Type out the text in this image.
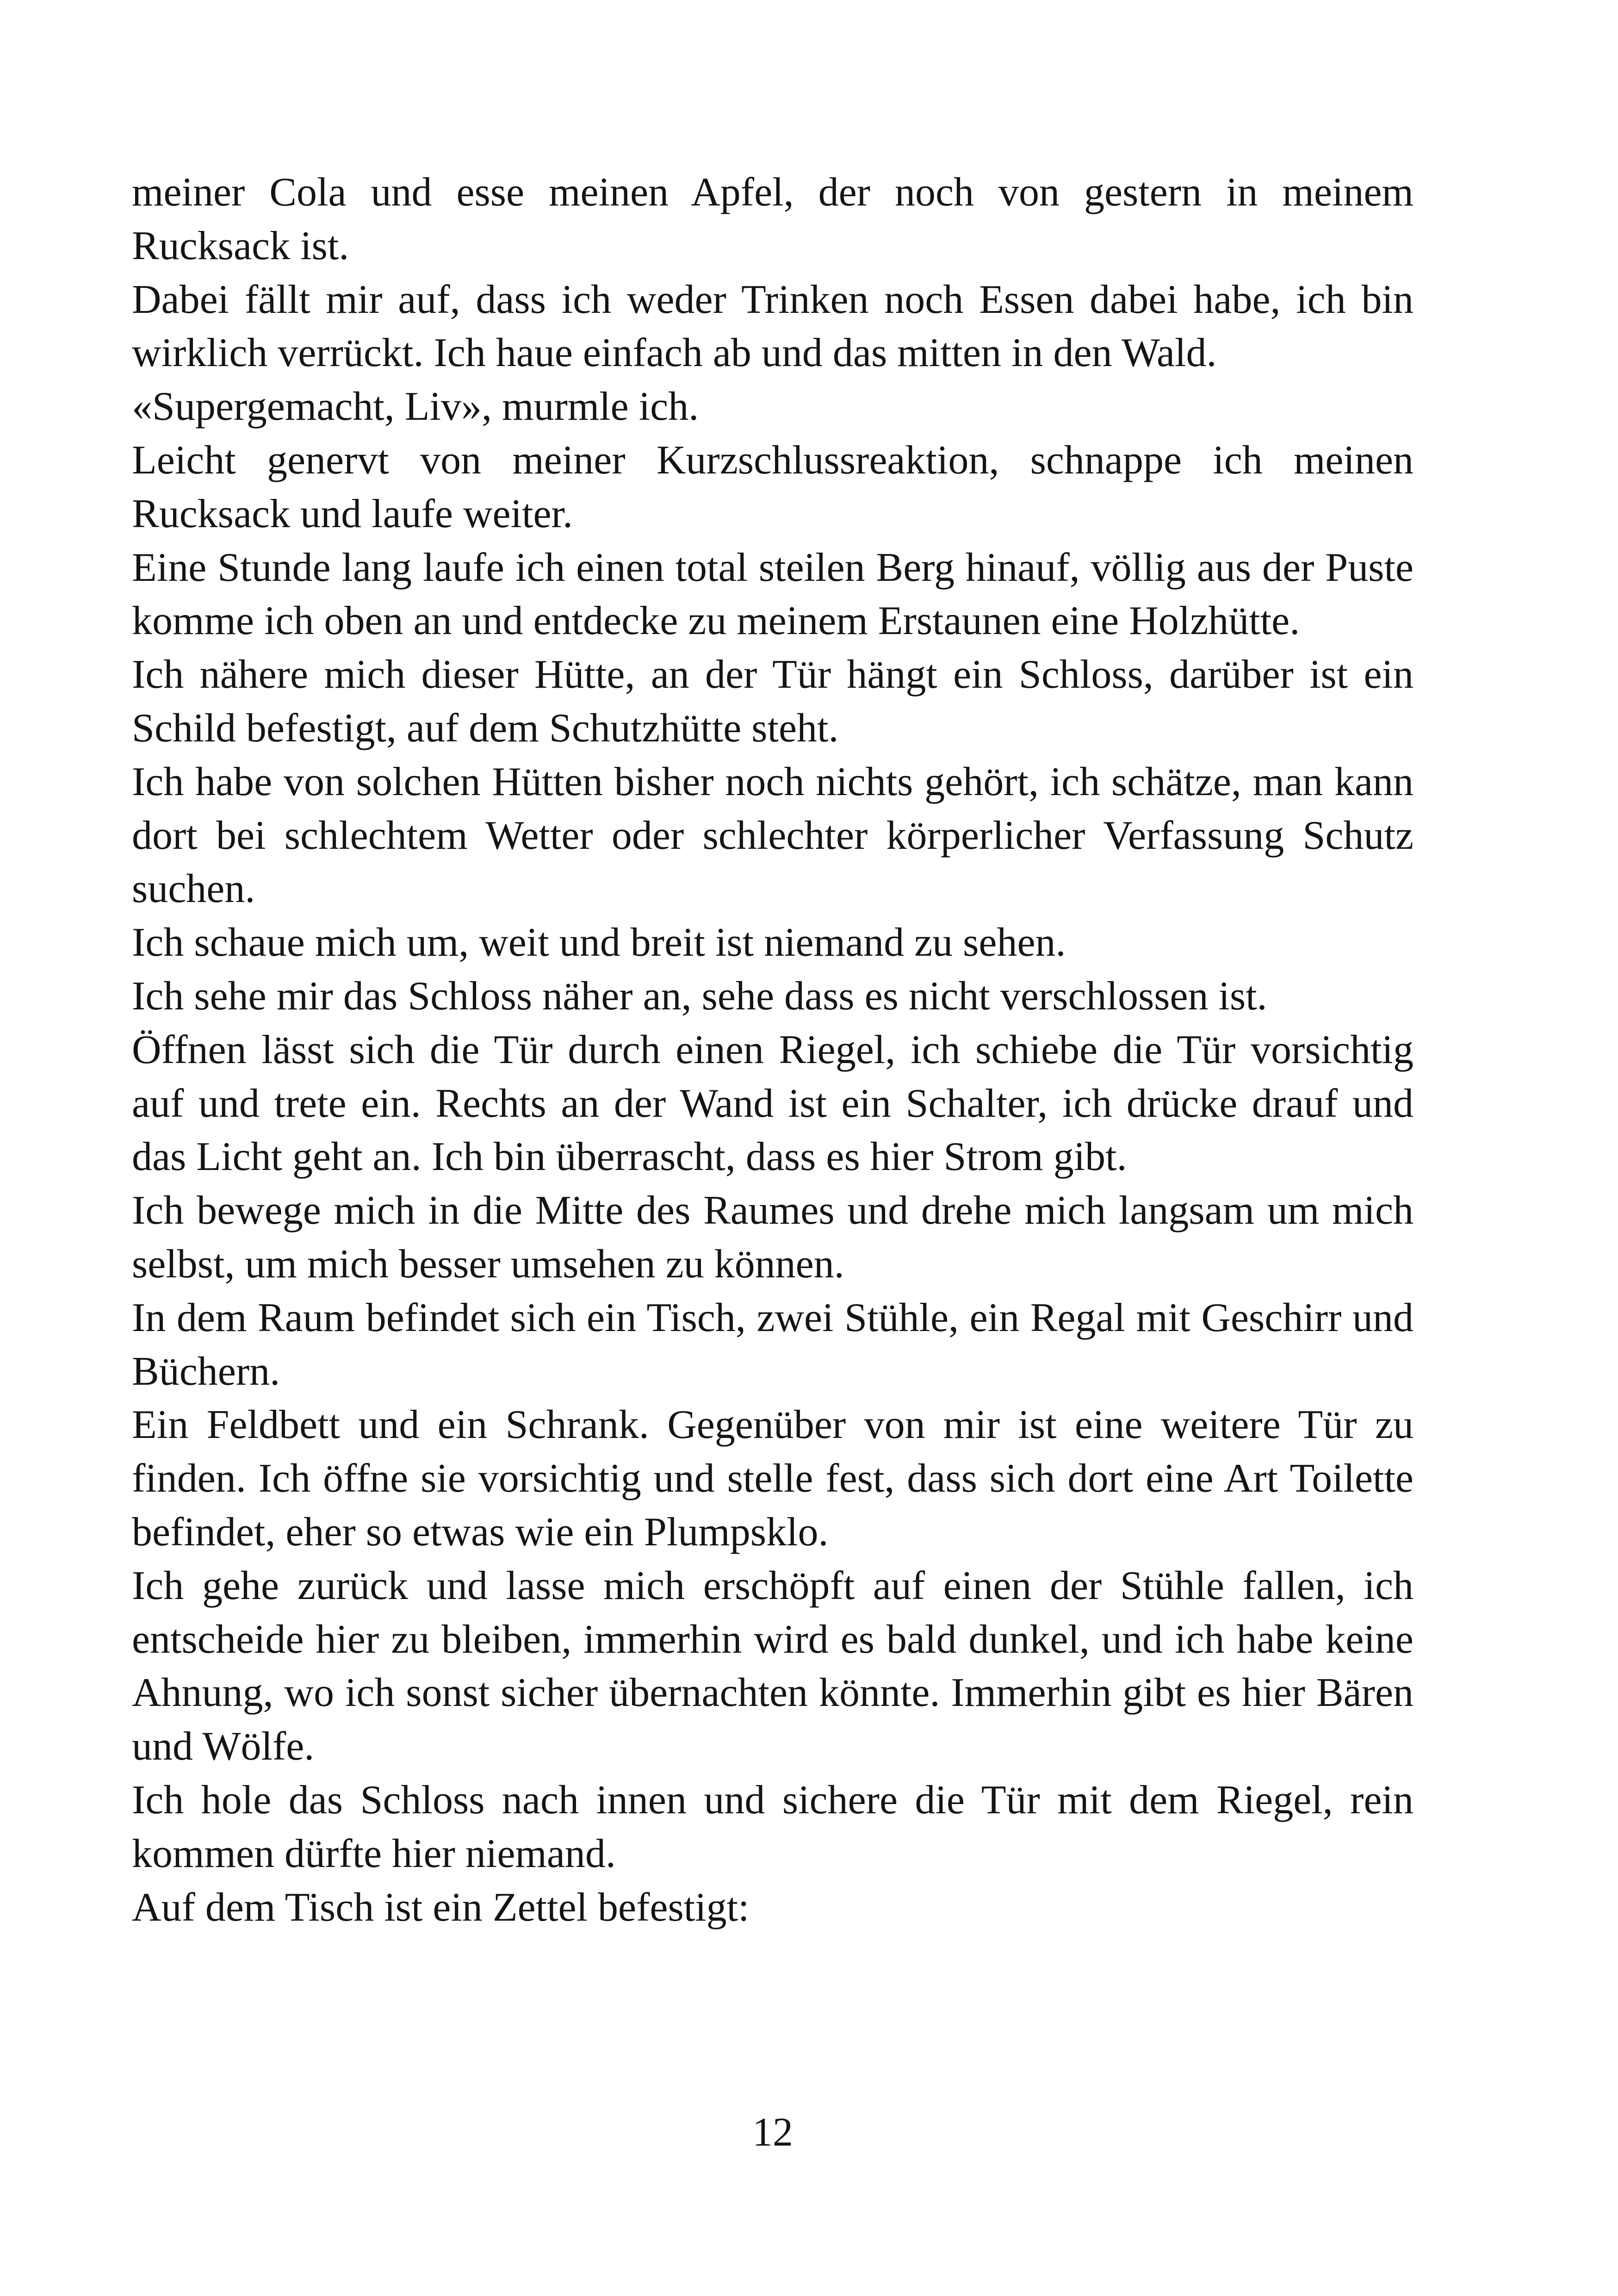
meiner Cola und esse meinen Apfel, der noch von gestern in meinem Rucksack ist.

Dabei fällt mir auf, dass ich weder Trinken noch Essen dabei habe, ich bin wirklich verrückt. Ich haue einfach ab und das mitten in den Wald.

«Supergemacht, Liv», murmle ich.

Leicht genervt von meiner Kurzschlussreaktion, schnappe ich meinen Rucksack und laufe weiter.

Eine Stunde lang laufe ich einen total steilen Berg hinauf, völlig aus der Puste komme ich oben an und entdecke zu meinem Erstaunen eine Holzhütte.

Ich nähere mich dieser Hütte, an der Tür hängt ein Schloss, darüber ist ein Schild befestigt, auf dem Schutzhütte steht.

Ich habe von solchen Hütten bisher noch nichts gehört, ich schätze, man kann dort bei schlechtem Wetter oder schlechter körperlicher Verfassung Schutz suchen.

Ich schaue mich um, weit und breit ist niemand zu sehen.

Ich sehe mir das Schloss näher an, sehe dass es nicht verschlossen ist.

Öffnen lässt sich die Tür durch einen Riegel, ich schiebe die Tür vorsichtig auf und trete ein. Rechts an der Wand ist ein Schalter, ich drücke drauf und das Licht geht an. Ich bin überrascht, dass es hier Strom gibt.

Ich bewege mich in die Mitte des Raumes und drehe mich langsam um mich selbst, um mich besser umsehen zu können.

In dem Raum befindet sich ein Tisch, zwei Stühle, ein Regal mit Geschirr und Büchern.

Ein Feldbett und ein Schrank. Gegenüber von mir ist eine weitere Tür zu finden. Ich öffne sie vorsichtig und stelle fest, dass sich dort eine Art Toilette befindet, eher so etwas wie ein Plumpsklo.

Ich gehe zurück und lasse mich erschöpft auf einen der Stühle fallen, ich entscheide hier zu bleiben, immerhin wird es bald dunkel, und ich habe keine Ahnung, wo ich sonst sicher übernachten könnte. Immerhin gibt es hier Bären und Wölfe.

Ich hole das Schloss nach innen und sichere die Tür mit dem Riegel, rein kommen dürfte hier niemand.

Auf dem Tisch ist ein Zettel befestigt:

12
